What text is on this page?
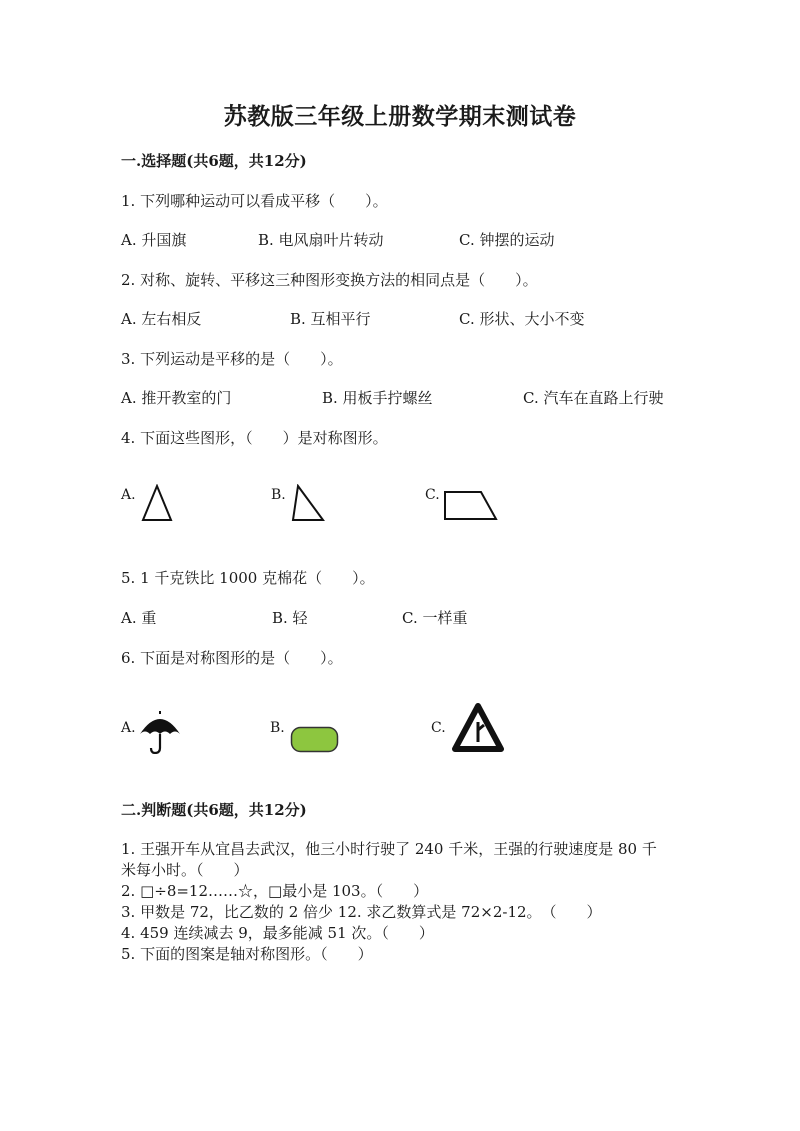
苏教版三年级上册数学期末测试卷
一.选择题(共6题，共12分)
1. 下列哪种运动可以看成平移（　　）。
A. 升国旗	B. 电风扇叶片转动	C. 钟摆的运动
2. 对称、旋转、平移这三种图形变换方法的相同点是（　　）。
A. 左右相反	B. 互相平行	C. 形状、大小不变
3. 下列运动是平移的是（　　）。
A. 推开教室的门	B. 用板手拧螺丝	C. 汽车在直路上行驶
4. 下面这些图形，（　　）是对称图形。
A.	B.	C.
5. 1 千克铁比 1000 克棉花（　　）。
A. 重	B. 轻	C. 一样重
6. 下面是对称图形的是（　　）。
A.	B.	C.
二.判断题(共6题，共12分)
1. 王强开车从宜昌去武汉，他三小时行驶了 240 千米，王强的行驶速度是 80 千
米每小时。（　　）
2. □÷8=12……☆，□最小是 103。（　　）
3. 甲数是 72，比乙数的 2 倍少 12. 求乙数算式是 72×2-12。　（　　）
4. 459 连续减去 9，最多能减 51 次。（　　）
5. 下面的图案是轴对称图形。（　　）
